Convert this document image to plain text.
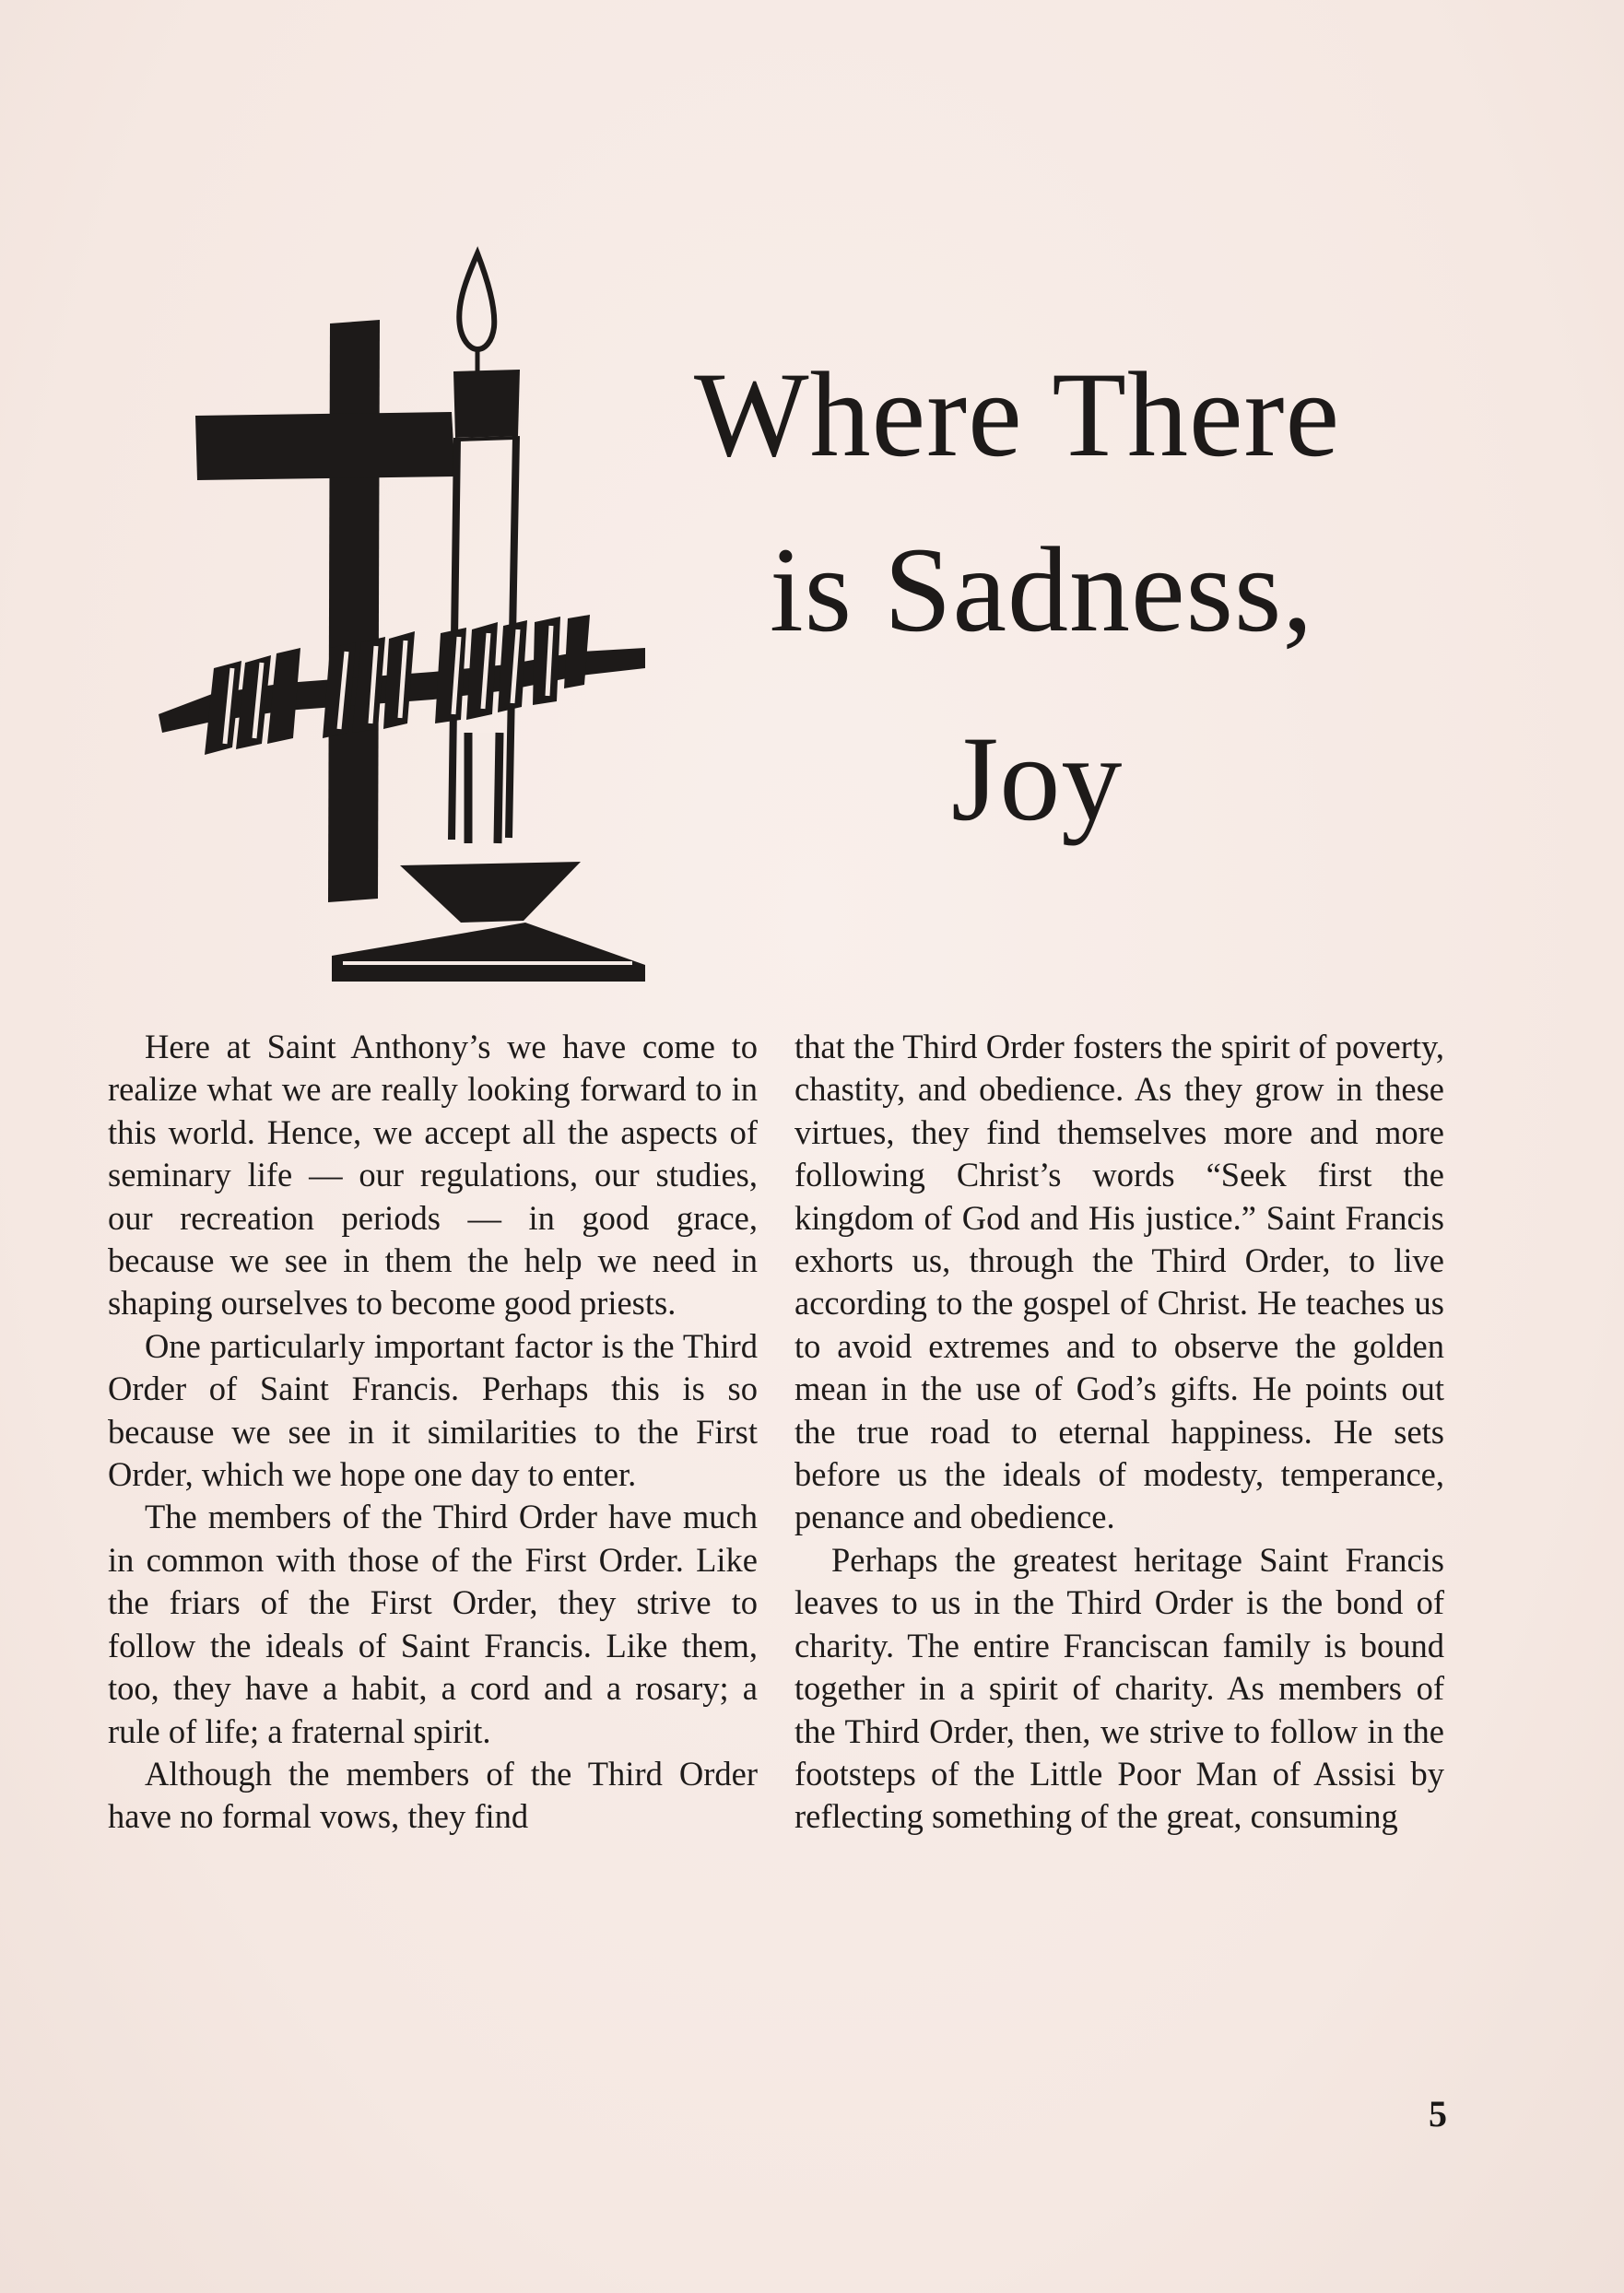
Where There
is Sadness,
Joy

Here at Saint Anthony’s we have come to realize what we are really looking forward to in this world. Hence, we accept all the aspects of seminary life — our regulations, our studies, our recreation periods — in good grace, because we see in them the help we need in shaping ourselves to become good priests.

One particularly important factor is the Third Order of Saint Francis. Perhaps this is so because we see in it similarities to the First Order, which we hope one day to enter.

The members of the Third Order have much in common with those of the First Order. Like the friars of the First Order, they strive to follow the ideals of Saint Francis. Like them, too, they have a habit, a cord and a rosary; a rule of life; a fraternal spirit.

Although the members of the Third Order have no formal vows, they find

that the Third Order fosters the spirit of poverty, chastity, and obedience. As they grow in these virtues, they find themselves more and more following Christ’s words “Seek first the kingdom of God and His justice.” Saint Francis exhorts us, through the Third Order, to live according to the gospel of Christ. He teaches us to avoid extremes and to observe the golden mean in the use of God’s gifts. He points out the true road to eternal happiness. He sets before us the ideals of modesty, temperance, penance and obedience.

Perhaps the greatest heritage Saint Francis leaves to us in the Third Order is the bond of charity. The entire Franciscan family is bound together in a spirit of charity. As members of the Third Order, then, we strive to follow in the footsteps of the Little Poor Man of Assisi by reflecting something of the great, consuming

5
